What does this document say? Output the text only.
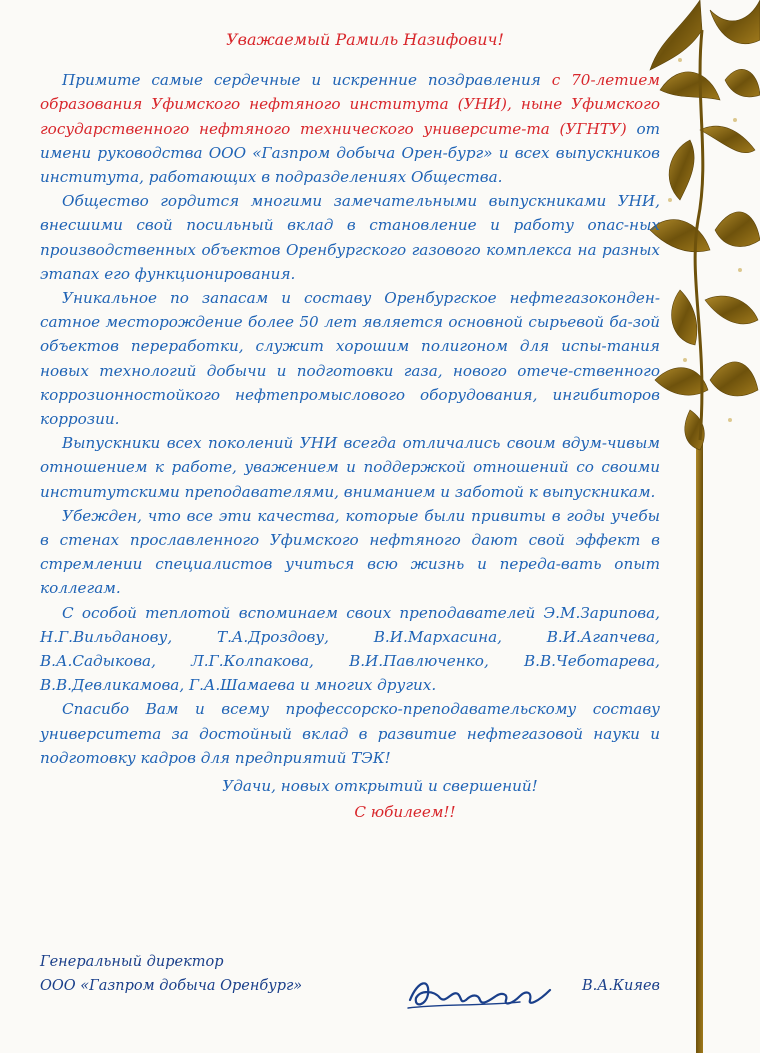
Уважаемый Рамиль Назифович!

Примите самые сердечные и искренние поздравления с 70-летием образования Уфимского нефтяного института (УНИ), ныне Уфимского государственного нефтяного технического университе-та (УГНТУ) от имени руководства ООО «Газпром добыча Орен-бург» и всех выпускников института, работающих в подразделениях Общества.

Общество гордится многими замечательными выпускниками УНИ, внесшими свой посильный вклад в становление и работу опас-ных производственных объектов Оренбургского газового комплекса на разных этапах его функционирования.

Уникальное по запасам и составу Оренбургское нефтегазоконден-сатное месторождение более 50 лет является основной сырьевой ба-зой объектов переработки, служит хорошим полигоном для испы-тания новых технологий добычи и подготовки газа, нового отече-ственного коррозионностойкого нефтепромыслового оборудования, ингибиторов коррозии.

Выпускники всех поколений УНИ всегда отличались своим вдум-чивым отношением к работе, уважением и поддержкой отношений со своими институтскими преподавателями, вниманием и заботой к выпускникам.

Убежден, что все эти качества, которые были привиты в годы учебы в стенах прославленного Уфимского нефтяного дают свой эффект в стремлении специалистов учиться всю жизнь и переда-вать опыт коллегам.

С особой теплотой вспоминаем своих преподавателей Э.М.Зарипова, Н.Г.Вильданову, Т.А.Дроздову, В.И.Мархасина, В.И.Агапчева, В.А.Садыкова, Л.Г.Колпакова, В.И.Павлюченко, В.В.Чеботарева, В.В.Девликамова, Г.А.Шамаева и многих других.

Спасибо Вам и всему профессорско-преподавательскому составу университета за достойный вклад в развитие нефтегазовой науки и подготовку кадров для предприятий ТЭК!

Удачи, новых открытий и свершений!
С юбилеем!!
Генеральный директор
ООО «Газпром добыча Оренбург»	В.А.Кияев
